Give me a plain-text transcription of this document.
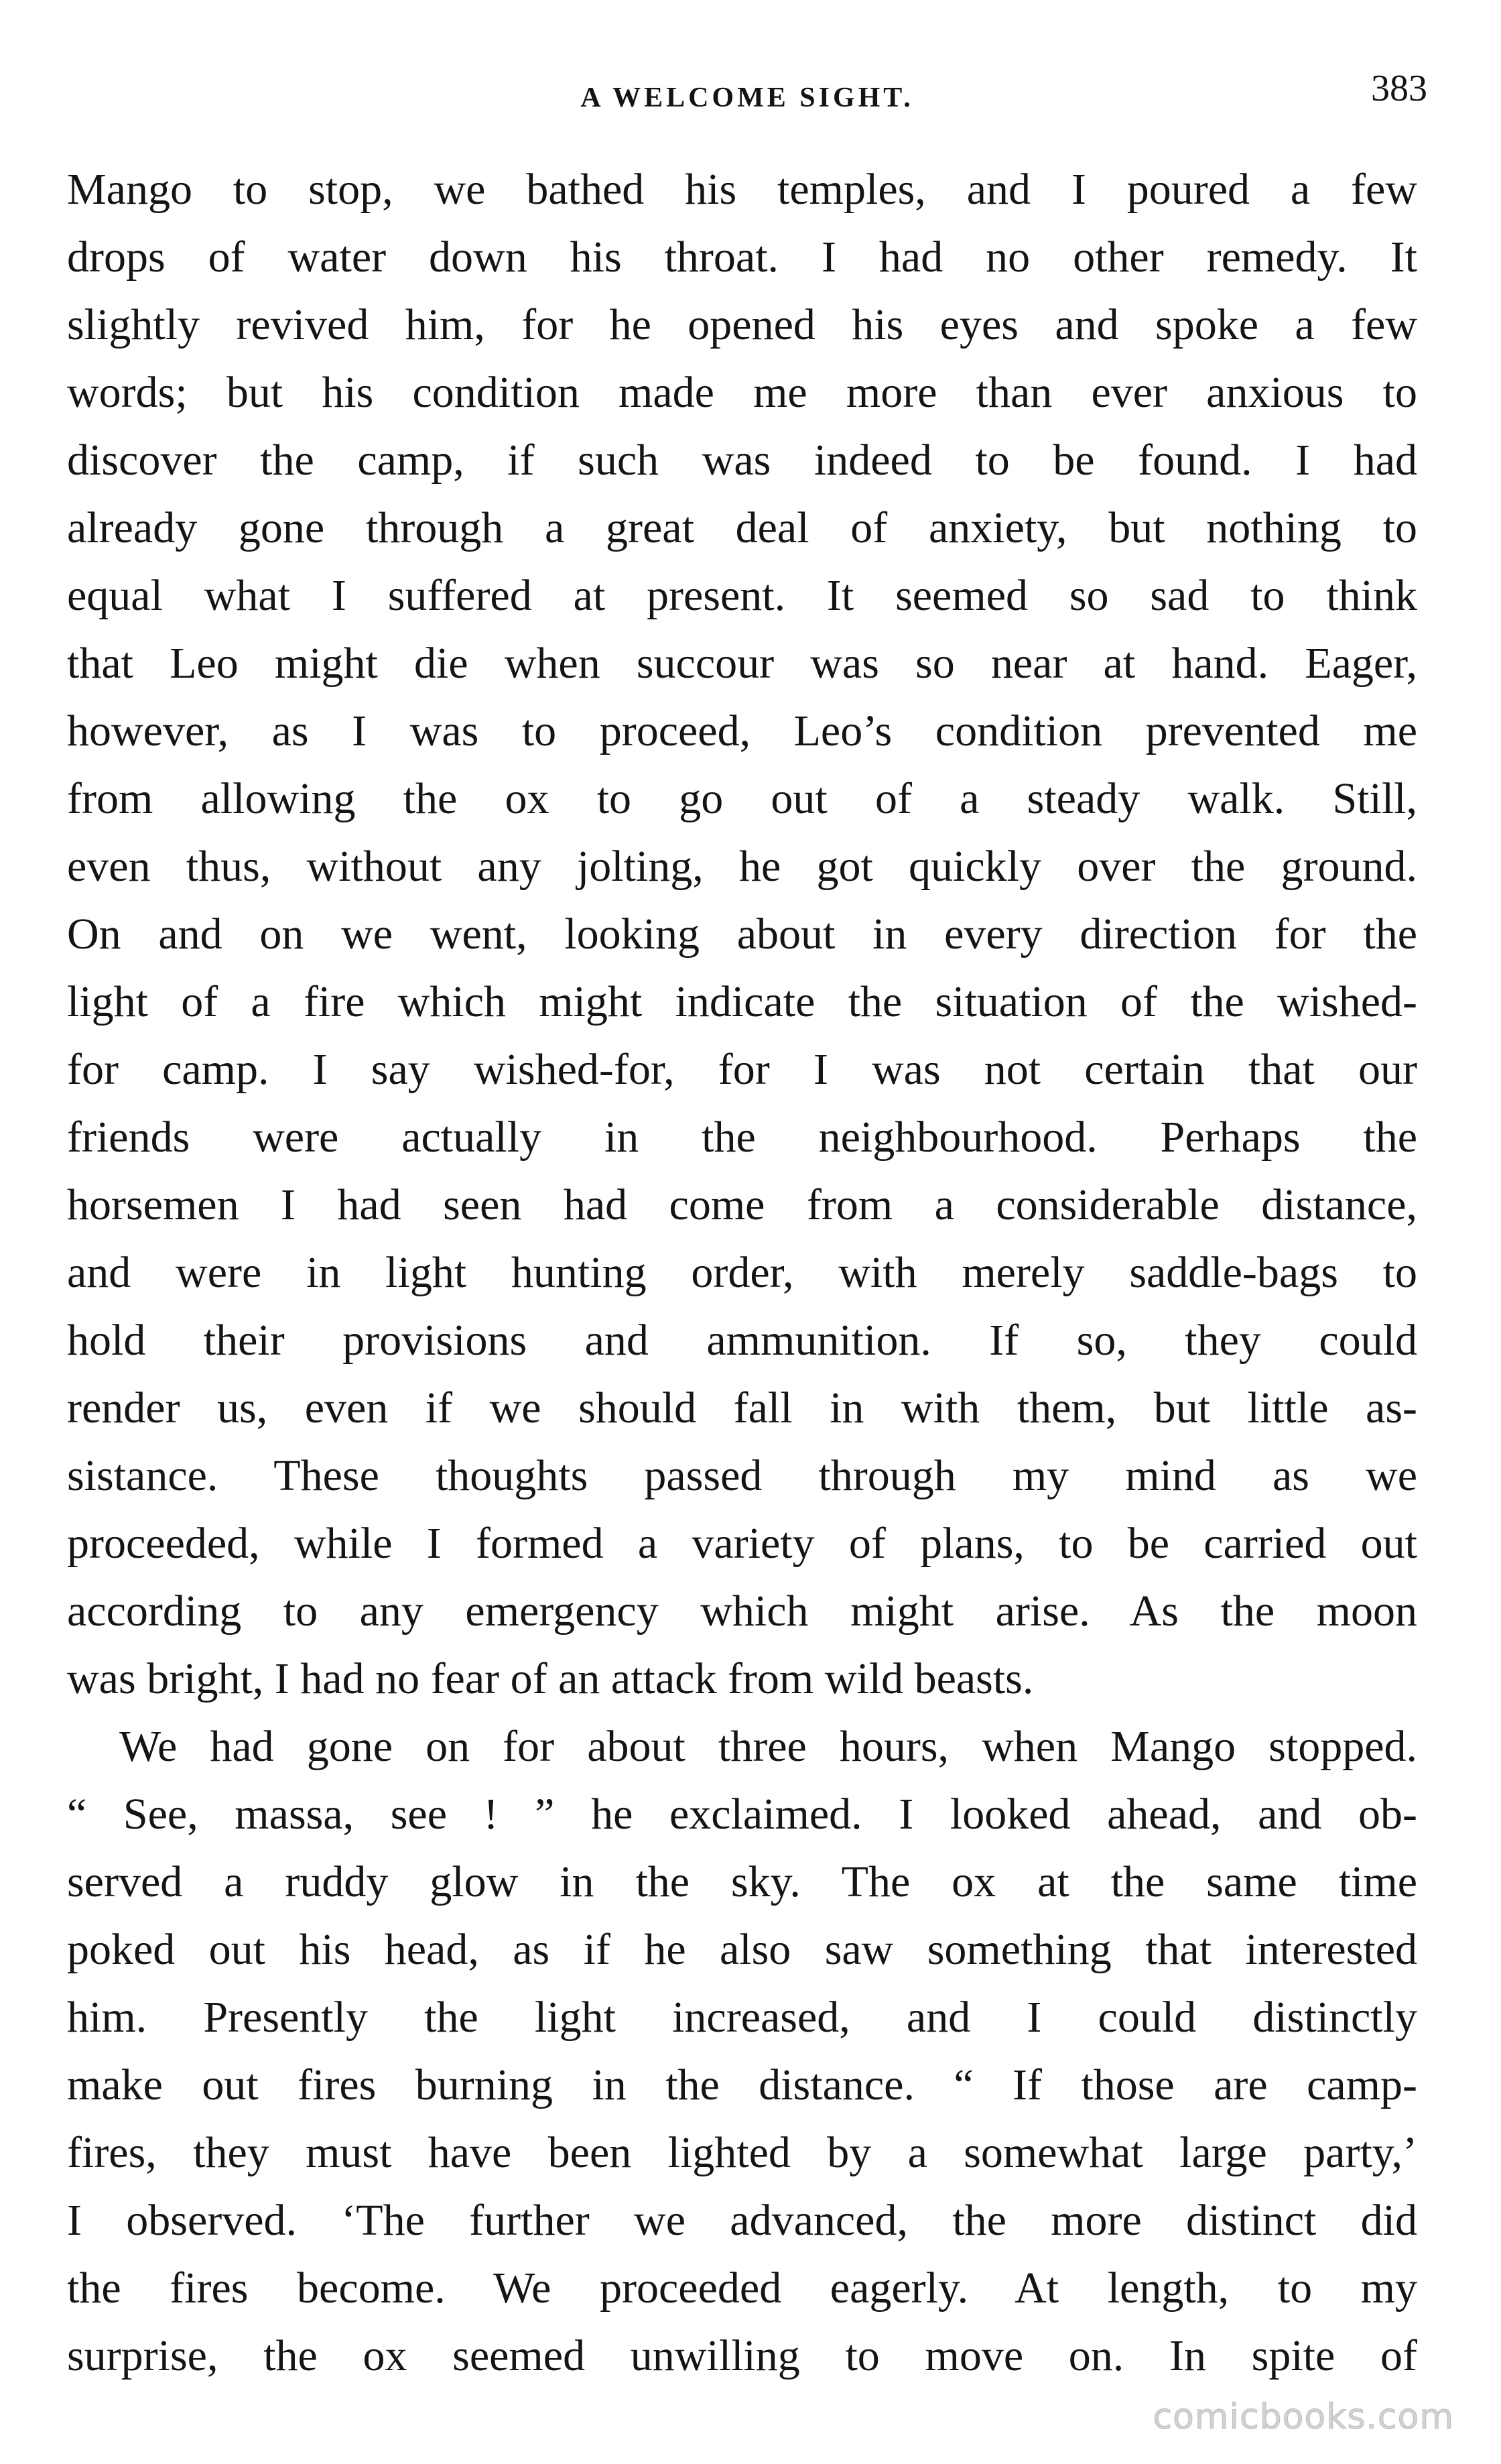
A WELCOME SIGHT.	383
Mango to stop, we bathed his temples, and I poured a few
drops of water down his throat. I had no other remedy. It
slightly revived him, for he opened his eyes and spoke a few
words; but his condition made me more than ever anxious to
discover the camp, if such was indeed to be found. I had
already gone through a great deal of anxiety, but nothing to
equal what I suffered at present. It seemed so sad to think
that Leo might die when succour was so near at hand. Eager,
however, as I was to proceed, Leo’s condition prevented me
from allowing the ox to go out of a steady walk. Still,
even thus, without any jolting, he got quickly over the ground.
On and on we went, looking about in every direction for the
light of a fire which might indicate the situation of the wished-
for camp. I say wished-for, for I was not certain that our
friends were actually in the neighbourhood. Perhaps the
horsemen I had seen had come from a considerable distance,
and were in light hunting order, with merely saddle-bags to
hold their provisions and ammunition. If so, they could
render us, even if we should fall in with them, but little as-
sistance. These thoughts passed through my mind as we
proceeded, while I formed a variety of plans, to be carried out
according to any emergency which might arise. As the moon
was bright, I had no fear of an attack from wild beasts.
We had gone on for about three hours, when Mango stopped.
“ See, massa, see ! ” he exclaimed. I looked ahead, and ob-
served a ruddy glow in the sky. The ox at the same time
poked out his head, as if he also saw something that interested
him. Presently the light increased, and I could distinctly
make out fires burning in the distance. “ If those are camp-
fires, they must have been lighted by a somewhat large party,’
I observed. ‘The further we advanced, the more distinct did
the fires become. We proceeded eagerly. At length, to my
surprise, the ox seemed unwilling to move on. In spite of
comicbooks.com
